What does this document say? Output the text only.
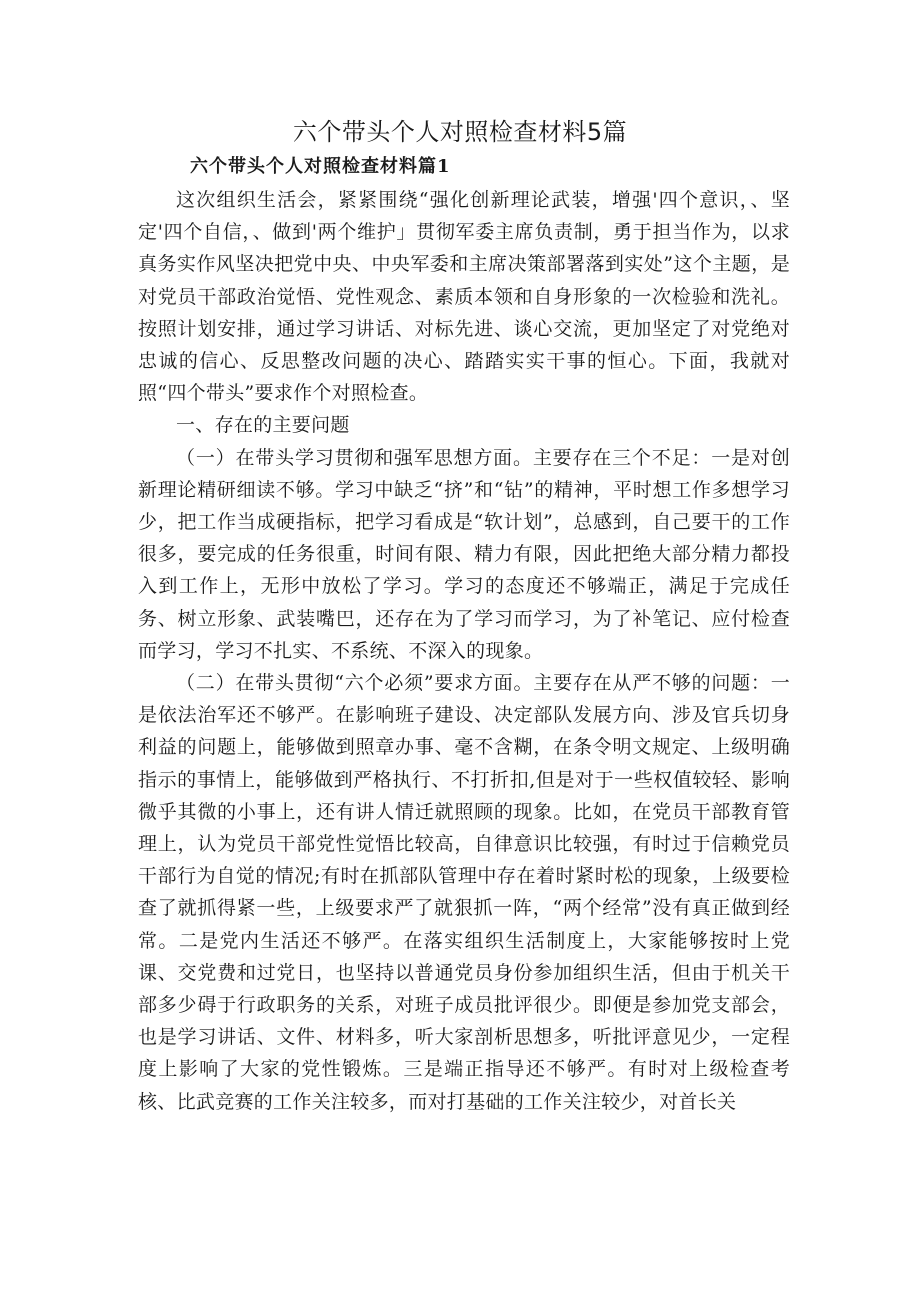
六个带头个人对照检查材料5篇
六个带头个人对照检查材料篇1

这次组织生活会，紧紧围绕“强化创新理论武装，增强'四个意识，、坚定'四个自信，、做到'两个维护」贯彻军委主席负责制，勇于担当作为，以求真务实作风坚决把党中央、中央军委和主席决策部署落到实处”这个主题，是对党员干部政治觉悟、党性观念、素质本领和自身形象的一次检验和洗礼。按照计划安排，通过学习讲话、对标先进、谈心交流，更加坚定了对党绝对忠诚的信心、反思整改问题的决心、踏踏实实干事的恒心。下面，我就对照“四个带头”要求作个对照检查。

一、存在的主要问题

（一）在带头学习贯彻和强军思想方面。主要存在三个不足：一是对创新理论精研细读不够。学习中缺乏“挤”和“钻”的精神，平时想工作多想学习少，把工作当成硬指标，把学习看成是“软计划”，总感到，自己要干的工作很多，要完成的任务很重，时间有限、精力有限，因此把绝大部分精力都投入到工作上，无形中放松了学习。学习的态度还不够端正，满足于完成任务、树立形象、武装嘴巴，还存在为了学习而学习，为了补笔记、应付检查而学习，学习不扎实、不系统、不深入的现象。

（二）在带头贯彻“六个必须”要求方面。主要存在从严不够的问题：一是依法治军还不够严。在影响班子建设、决定部队发展方向、涉及官兵切身利益的问题上，能够做到照章办事、毫不含糊，在条令明文规定、上级明确指示的事情上，能够做到严格执行、不打折扣,但是对于一些权值较轻、影响微乎其微的小事上，还有讲人情迁就照顾的现象。比如，在党员干部教育管理上，认为党员干部党性觉悟比较高，自律意识比较强，有时过于信赖党员干部行为自觉的情况;有时在抓部队管理中存在着时紧时松的现象，上级要检查了就抓得紧一些，上级要求严了就狠抓一阵，“两个经常”没有真正做到经常。二是党内生活还不够严。在落实组织生活制度上，大家能够按时上党课、交党费和过党日，也坚持以普通党员身份参加组织生活，但由于机关干部多少碍于行政职务的关系，对班子成员批评很少。即便是参加党支部会，也是学习讲话、文件、材料多，听大家剖析思想多，听批评意见少，一定程度上影响了大家的党性锻炼。三是端正指导还不够严。有时对上级检查考核、比武竞赛的工作关注较多，而对打基础的工作关注较少，对首长关
